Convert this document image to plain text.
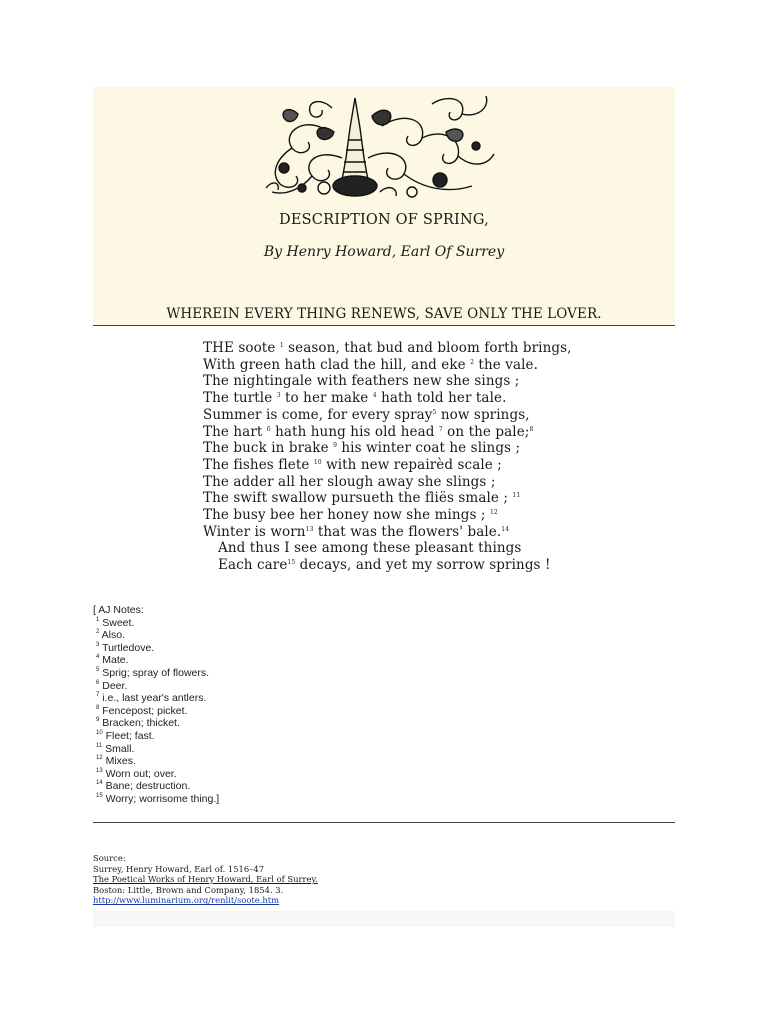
DESCRIPTION OF SPRING,
By Henry Howard, Earl Of Surrey
WHEREIN EVERY THING RENEWS, SAVE ONLY THE LOVER.
THE soote $^1$ season, that bud and bloom forth brings,
With green hath clad the hill, and eke $^2$ the vale.
The nightingale with feathers new she sings ;
The turtle $^3$ to her make $^4$ hath told her tale.
Summer is come, for every spray$^5$ now springs,
The hart $^6$ hath hung his old head $^7$ on the pale;$^8$
The buck in brake $^9$ his winter coat he slings ;
The fishes flete $^{10}$ with new repairèd scale ;
The adder all her slough away she slings ;
The swift swallow pursueth the fliës smale ; $^{11}$
The busy bee her honey now she mings ; $^{12}$
Winter is worn$^{13}$ that was the flowers' bale.$^{14}$
And thus I see among these pleasant things
Each care$^{15}$ decays, and yet my sorrow springs !
[ AJ Notes:
$^1$ Sweet.
$^2$ Also.
$^3$ Turtledove.
$^4$ Mate.
$^5$ Sprig; spray of flowers.
$^6$ Deer.
$^7$ i.e., last year's antlers.
$^8$ Fencepost; picket.
$^9$ Bracken; thicket.
$^{10}$ Fleet; fast.
$^{11}$ Small.
$^{12}$ Mixes.
$^{13}$ Worn out; over.
$^{14}$ Bane; destruction.
$^{15}$ Worry; worrisome thing.]
Source:
Surrey, Henry Howard, Earl of. 1516–47
The Poetical Works of Henry Howard, Earl of Surrey.
Boston: Little, Brown and Company, 1854. 3.
http://www.luminarium.org/renlit/soote.htm
